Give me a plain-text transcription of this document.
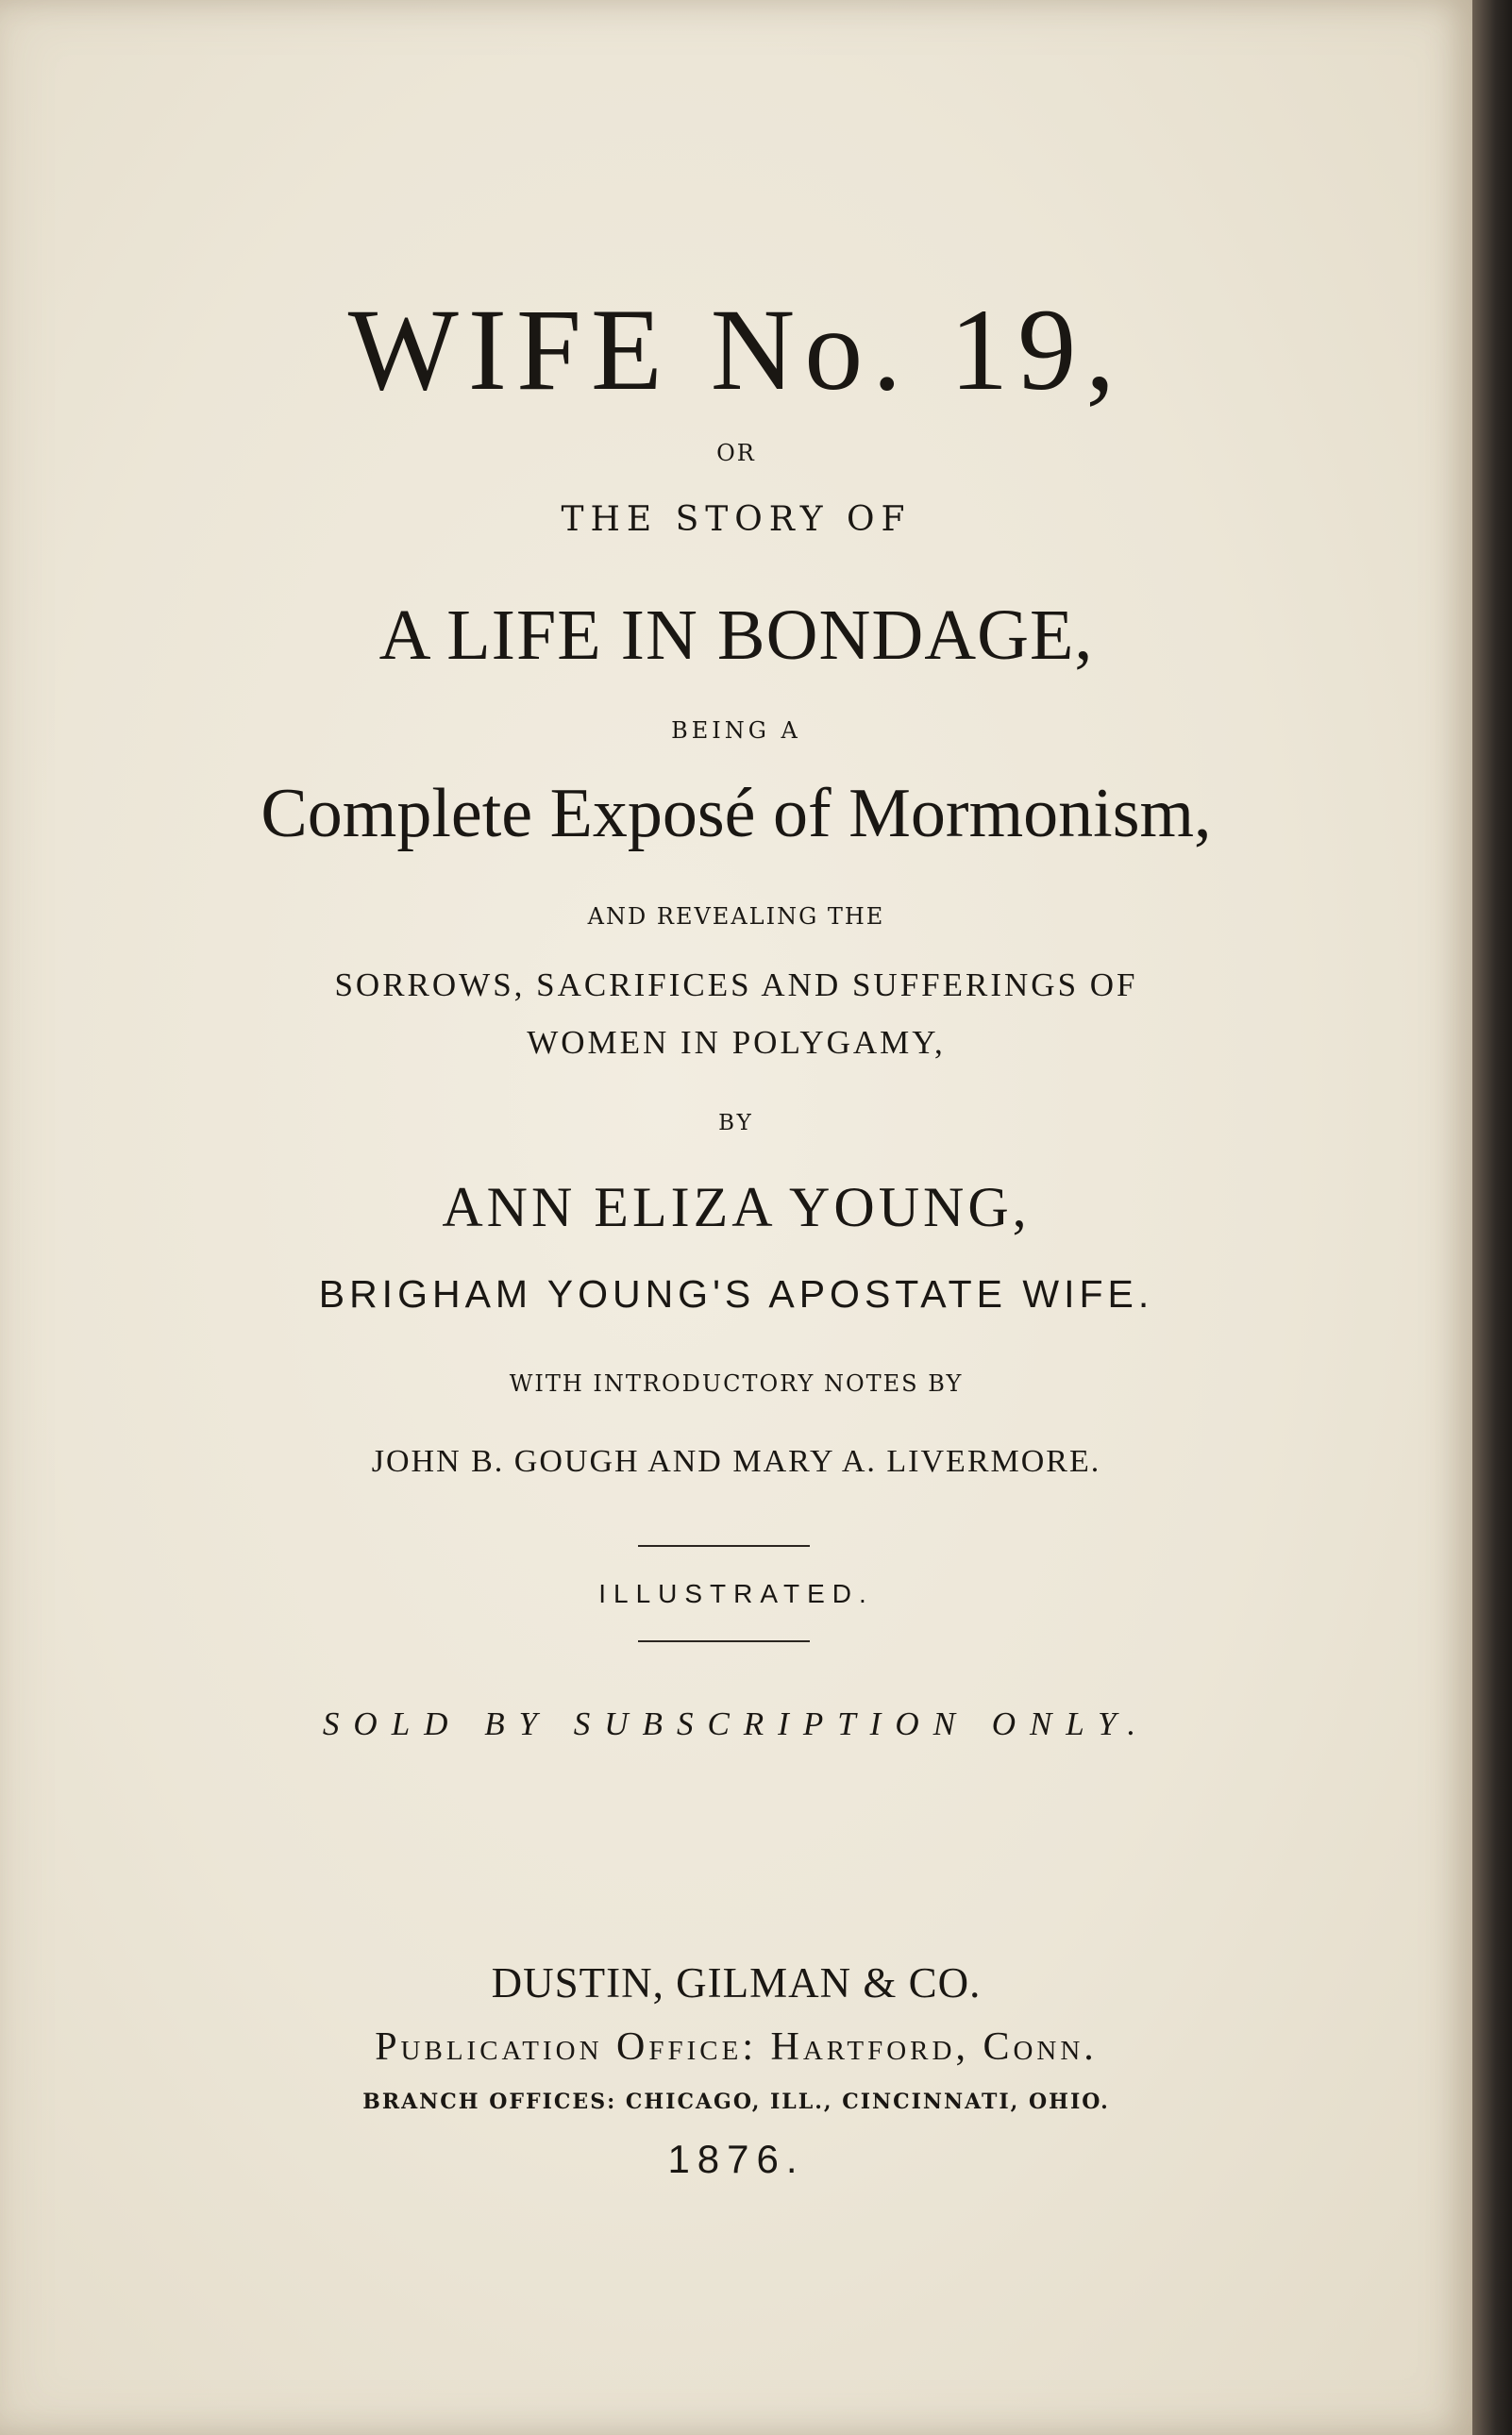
WIFE No. 19,

OR

THE STORY OF

A LIFE IN BONDAGE,

BEING A

Complete Exposé of Mormonism,

AND REVEALING THE

SORROWS, SACRIFICES AND SUFFERINGS OF

WOMEN IN POLYGAMY,

BY

ANN ELIZA YOUNG,

BRIGHAM YOUNG'S APOSTATE WIFE.

WITH INTRODUCTORY NOTES BY

JOHN B. GOUGH AND MARY A. LIVERMORE.

ILLUSTRATED.

SOLD BY SUBSCRIPTION ONLY.

DUSTIN, GILMAN & CO.

Publication Office: Hartford, Conn.

BRANCH OFFICES: CHICAGO, ILL., CINCINNATI, OHIO.

1876.
